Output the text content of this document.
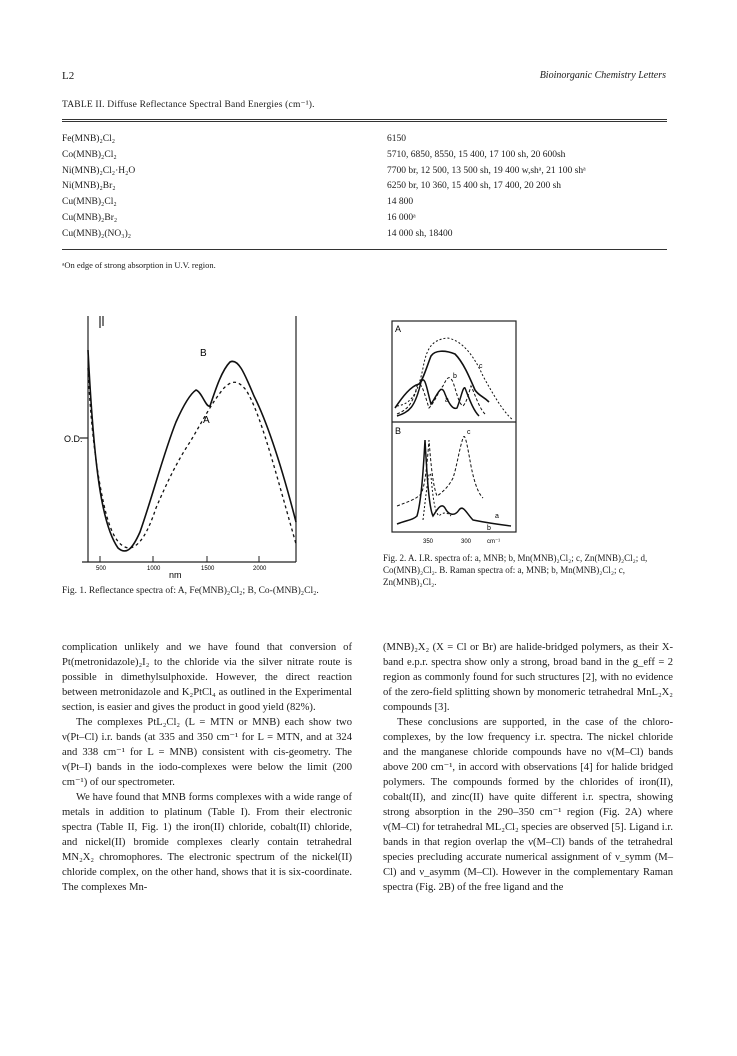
L2	Bioinorganic Chemistry Letters
TABLE II. Diffuse Reflectance Spectral Band Energies (cm⁻¹).
Fe(MNB)₂Cl₂	6150
Co(MNB)₂Cl₂	5710, 6850, 8550, 15 400, 17 100 sh, 20 600sh
Ni(MNB)₂Cl₂·H₂O	7700 br, 12 500, 13 500 sh, 19 400 w,shᵃ, 21 100 shᵃ
Ni(MNB)₂Br₂	6250 br, 10 360, 15 400 sh, 17 400, 20 200 sh
Cu(MNB)₂Cl₂	14 800
Cu(MNB)₂Br₂	16 000ᵃ
Cu(MNB)₂(NO₃)₂	14 000 sh, 18400
ᵃOn edge of strong absorption in U.V. region.
O.D.
B
A
500	1000	1500	2000
nm
Fig. 1. Reflectance spectra of: A, Fe(MNB)₂Cl₂; B, Co-(MNB)₂Cl₂.
A
b
c
a
B	c
a
b
350	300	cm⁻¹
Fig. 2. A. I.R. spectra of: a, MNB; b, Mn(MNB)₂Cl₂; c, Zn(MNB)₂Cl₂; d, Co(MNB)₂Cl₂. B. Raman spectra of: a, MNB; b, Mn(MNB)₂Cl₂; c, Zn(MNB)₂Cl₂.

complication unlikely and we have found that conversion of Pt(metronidazole)₂I₂ to the chloride via the silver nitrate route is possible in dimethylsulphoxide. However, the direct reaction between metronidazole and K₂PtCl₄ as outlined in the Experimental section, is easier and gives the product in good yield (82%).

The complexes PtL₂Cl₂ (L = MTN or MNB) each show two ν(Pt–Cl) i.r. bands (at 335 and 350 cm⁻¹ for L = MTN, and at 324 and 338 cm⁻¹ for L = MNB) consistent with cis-geometry. The ν(Pt–I) bands in the iodo-complexes were below the limit (200 cm⁻¹) of our spectrometer.

We have found that MNB forms complexes with a wide range of metals in addition to platinum (Table I). From their electronic spectra (Table II, Fig. 1) the iron(II) chloride, cobalt(II) chloride, and nickel(II) bromide complexes clearly contain tetrahedral MN₂X₂ chromophores. The electronic spectrum of the nickel(II) chloride complex, on the other hand, shows that it is six-coordinate. The complexes Mn-

(MNB)₂X₂ (X = Cl or Br) are halide-bridged polymers, as their X-band e.p.r. spectra show only a strong, broad band in the g_eff = 2 region as commonly found for such structures [2], with no evidence of the zero-field splitting shown by monomeric tetrahedral MnL₂X₂ compounds [3].

These conclusions are supported, in the case of the chloro-complexes, by the low frequency i.r. spectra. The nickel chloride and the manganese chloride compounds have no ν(M–Cl) bands above 200 cm⁻¹, in accord with observations [4] for halide bridged polymers. The compounds formed by the chlorides of iron(II), cobalt(II), and zinc(II) have quite different i.r. spectra, showing strong absorption in the 290–350 cm⁻¹ region (Fig. 2A) where ν(M–Cl) for tetrahedral ML₂Cl₂ species are observed [5]. Ligand i.r. bands in that region overlap the ν(M–Cl) bands of the tetrahedral species precluding accurate numerical assignment of ν_symm (M–Cl) and ν_asymm (M–Cl). However in the complementary Raman spectra (Fig. 2B) of the free ligand and the
